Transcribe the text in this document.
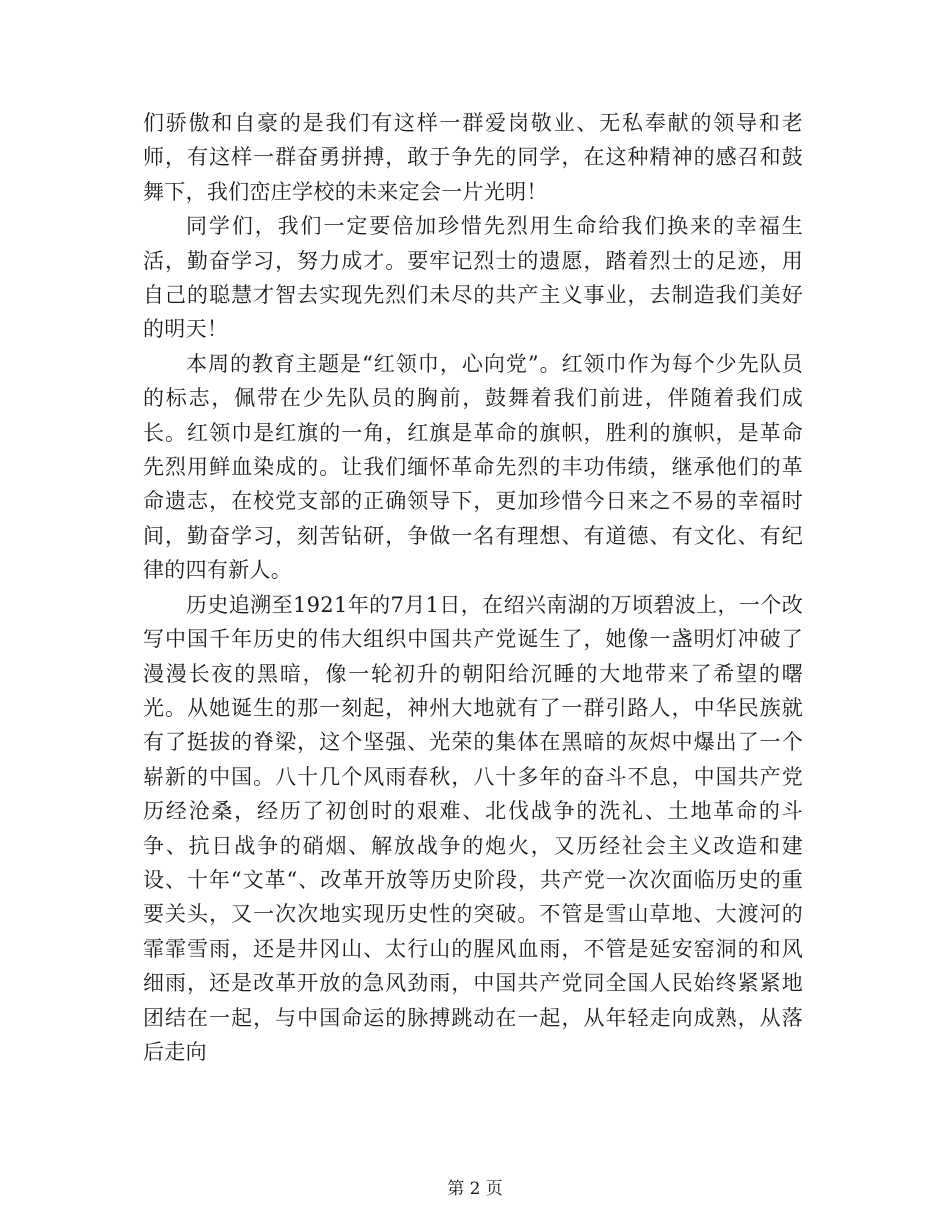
们骄傲和自豪的是我们有这样一群爱岗敬业、无私奉献的领导和老师，有这样一群奋勇拼搏，敢于争先的同学，在这种精神的感召和鼓舞下，我们峦庄学校的未来定会一片光明！

同学们，我们一定要倍加珍惜先烈用生命给我们换来的幸福生活，勤奋学习，努力成才。要牢记烈士的遗愿，踏着烈士的足迹，用自己的聪慧才智去实现先烈们未尽的共产主义事业，去制造我们美好的明天！

本周的教育主题是“红领巾，心向党”。红领巾作为每个少先队员的标志，佩带在少先队员的胸前，鼓舞着我们前进，伴随着我们成长。红领巾是红旗的一角，红旗是革命的旗帜，胜利的旗帜，是革命先烈用鲜血染成的。让我们缅怀革命先烈的丰功伟绩，继承他们的革命遗志，在校党支部的正确领导下，更加珍惜今日来之不易的幸福时间，勤奋学习，刻苦钻研，争做一名有理想、有道德、有文化、有纪律的四有新人。

历史追溯至1921年的7月1日，在绍兴南湖的万顷碧波上，一个改写中国千年历史的伟大组织中国共产党诞生了，她像一盏明灯冲破了漫漫长夜的黑暗，像一轮初升的朝阳给沉睡的大地带来了希望的曙光。从她诞生的那一刻起，神州大地就有了一群引路人，中华民族就有了挺拔的脊梁，这个坚强、光荣的集体在黑暗的灰烬中爆出了一个崭新的中国。八十几个风雨春秋，八十多年的奋斗不息，中国共产党历经沧桑，经历了初创时的艰难、北伐战争的洗礼、土地革命的斗争、抗日战争的硝烟、解放战争的炮火，又历经社会主义改造和建设、十年“文革“、改革开放等历史阶段，共产党一次次面临历史的重要关头，又一次次地实现历史性的突破。不管是雪山草地、大渡河的霏霏雪雨，还是井冈山、太行山的腥风血雨，不管是延安窑洞的和风细雨，还是改革开放的急风劲雨，中国共产党同全国人民始终紧紧地团结在一起，与中国命运的脉搏跳动在一起，从年轻走向成熟，从落后走向

第 2 页
